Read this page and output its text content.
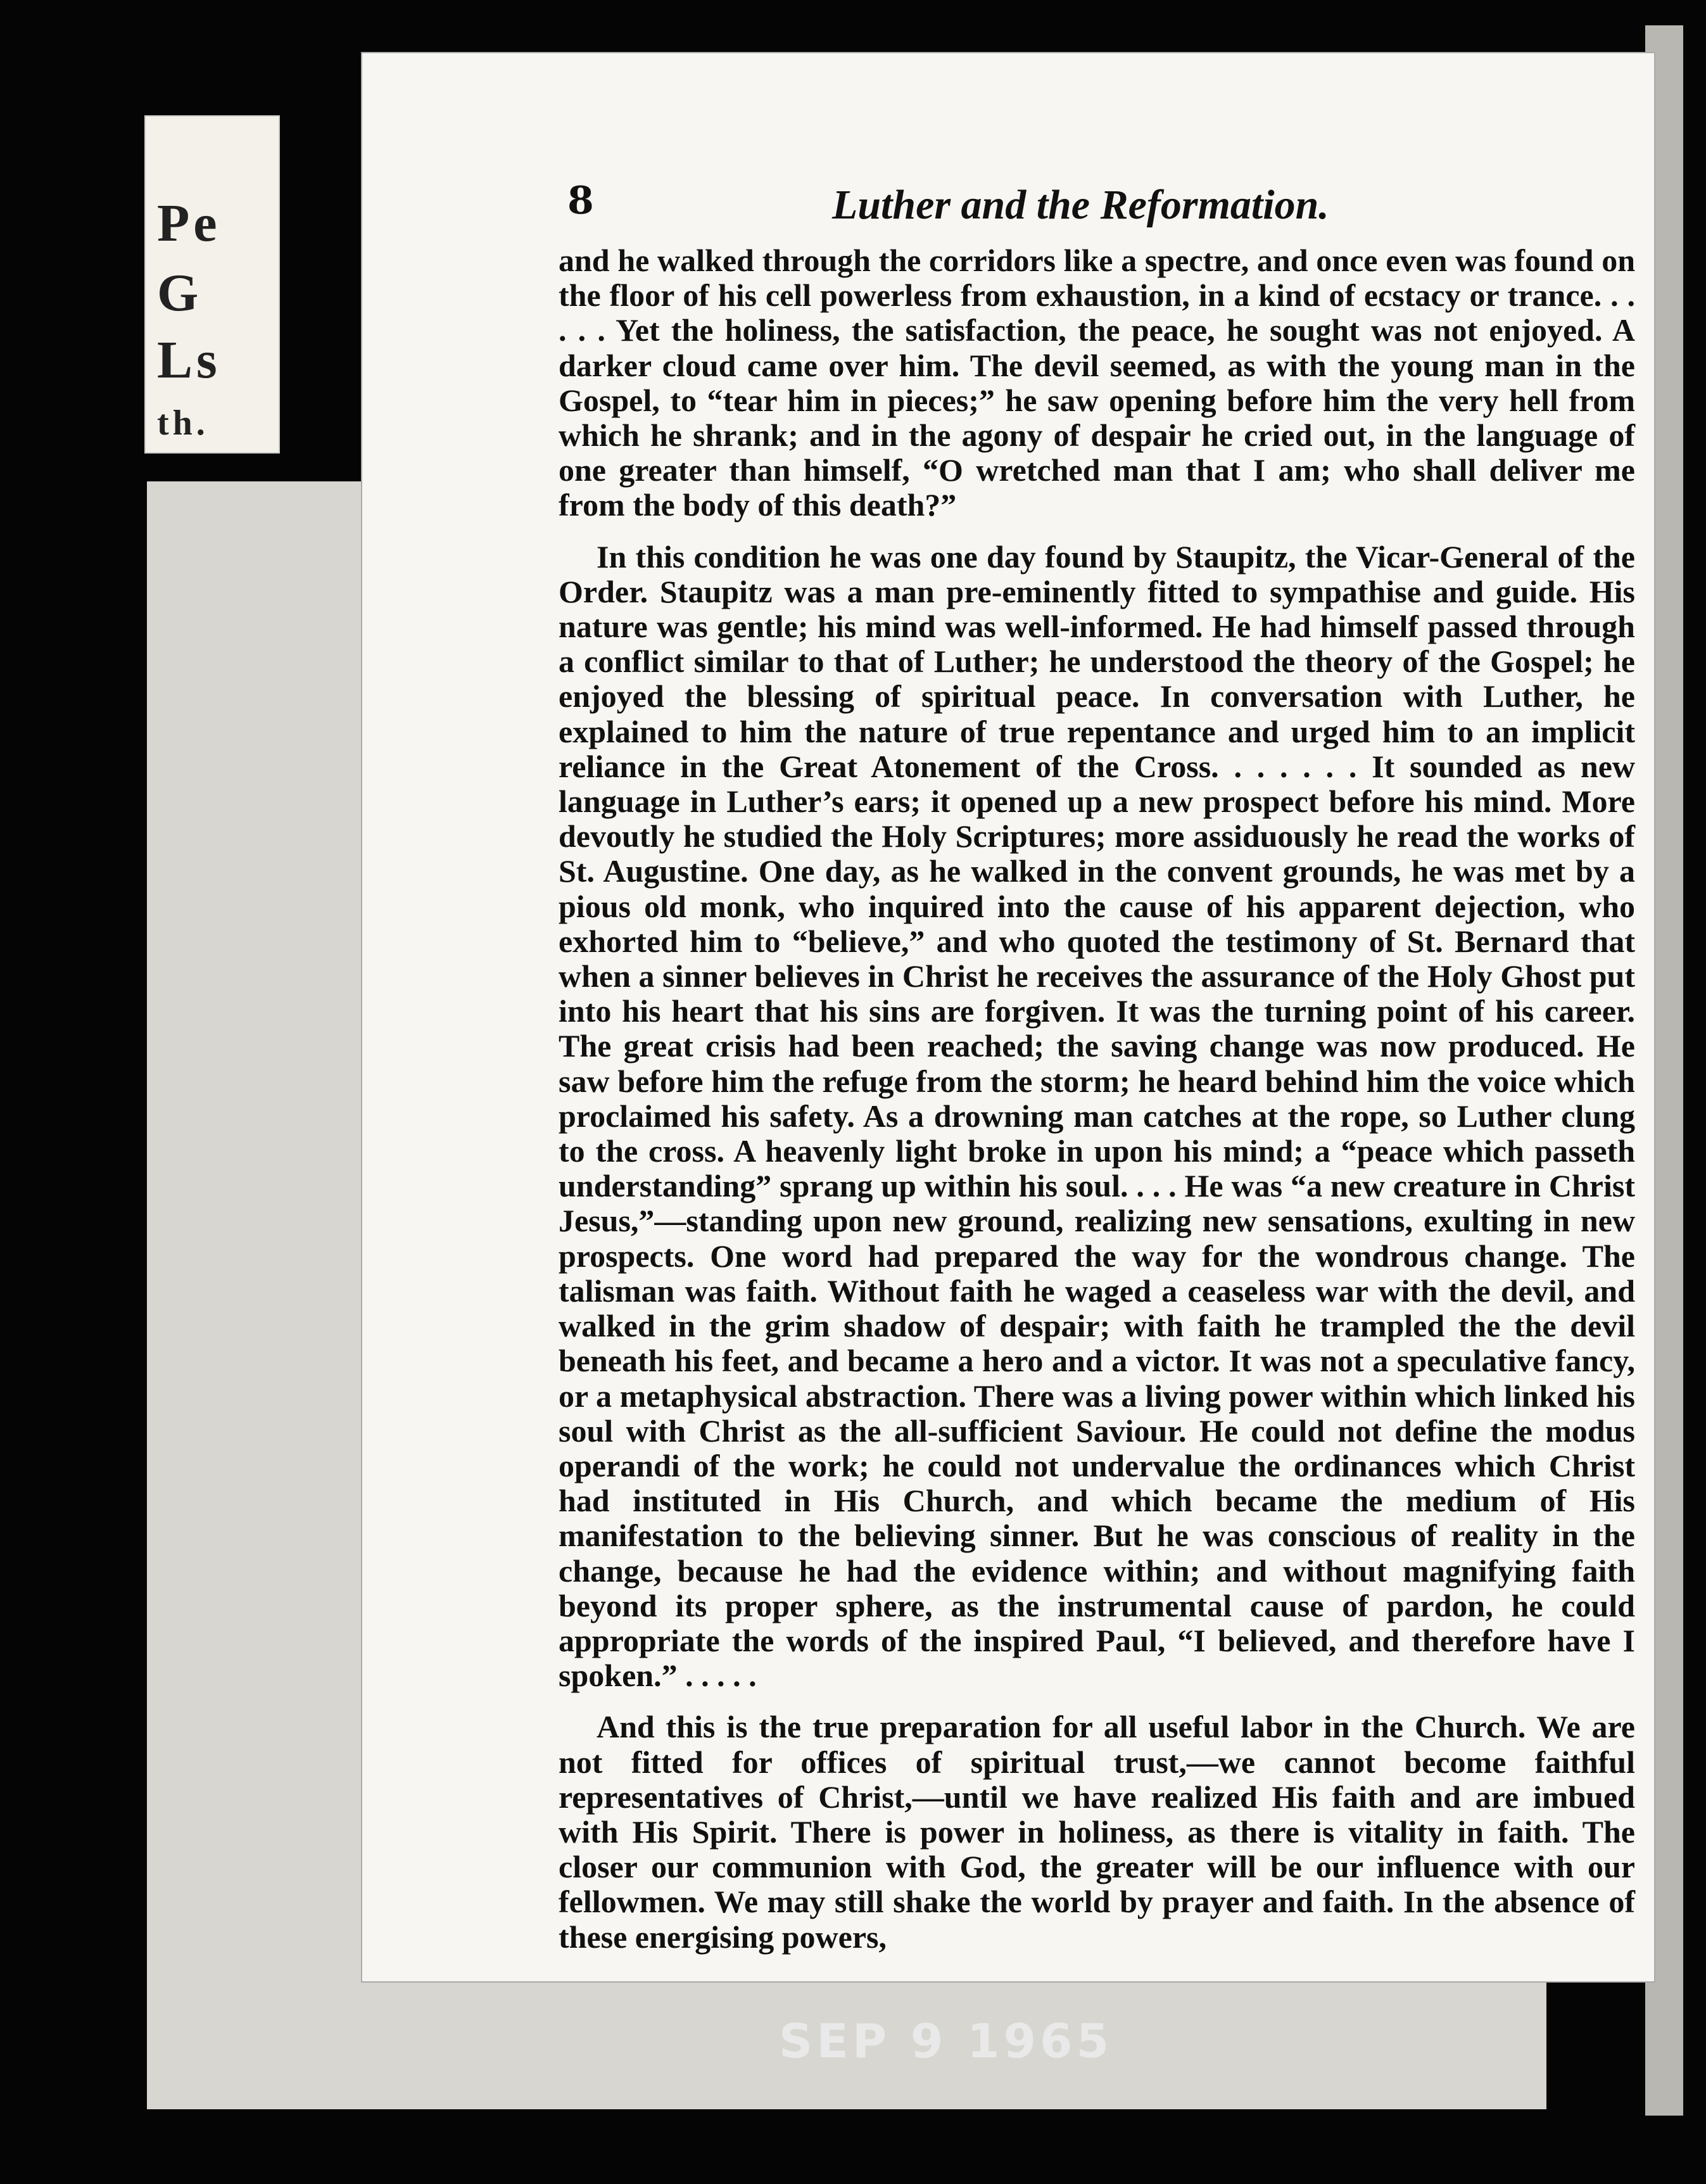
Pe
G
Ls
th.
8	Luther and the Reformation.

and he walked through the corridors like a spectre, and once even was found on the floor of his cell powerless from exhaustion, in a kind of ecstacy or trance. . . . . . Yet the holiness, the satisfaction, the peace, he sought was not enjoyed. A darker cloud came over him. The devil seemed, as with the young man in the Gospel, to “tear him in pieces;” he saw opening before him the very hell from which he shrank; and in the agony of despair he cried out, in the language of one greater than himself, “O wretched man that I am; who shall deliver me from the body of this death?”

In this condition he was one day found by Staupitz, the Vicar-General of the Order. Staupitz was a man pre-eminently fitted to sympathise and guide. His nature was gentle; his mind was well-informed. He had himself passed through a conflict similar to that of Luther; he understood the theory of the Gospel; he enjoyed the blessing of spiritual peace. In conversation with Luther, he explained to him the nature of true repentance and urged him to an implicit reliance in the Great Atonement of the Cross. . . . . . . It sounded as new language in Luther’s ears; it opened up a new prospect before his mind. More devoutly he studied the Holy Scriptures; more assiduously he read the works of St. Augustine. One day, as he walked in the convent grounds, he was met by a pious old monk, who inquired into the cause of his apparent dejection, who exhorted him to “believe,” and who quoted the testimony of St. Bernard that when a sinner believes in Christ he receives the assurance of the Holy Ghost put into his heart that his sins are forgiven. It was the turning point of his career. The great crisis had been reached; the saving change was now produced. He saw before him the refuge from the storm; he heard behind him the voice which proclaimed his safety. As a drowning man catches at the rope, so Luther clung to the cross. A heavenly light broke in upon his mind; a “peace which passeth understanding” sprang up within his soul. . . . He was “a new creature in Christ Jesus,”—standing upon new ground, realizing new sensations, exulting in new prospects. One word had prepared the way for the wondrous change. The talisman was faith. Without faith he waged a ceaseless war with the devil, and walked in the grim shadow of despair; with faith he trampled the the devil beneath his feet, and became a hero and a victor. It was not a speculative fancy, or a metaphysical abstraction. There was a living power within which linked his soul with Christ as the all-sufficient Saviour. He could not define the modus operandi of the work; he could not undervalue the ordinances which Christ had instituted in His Church, and which became the medium of His manifestation to the believing sinner. But he was conscious of reality in the change, because he had the evidence within; and without magnifying faith beyond its proper sphere, as the instrumental cause of pardon, he could appropriate the words of the inspired Paul, “I believed, and therefore have I spoken.” . . . . .

And this is the true preparation for all useful labor in the Church. We are not fitted for offices of spiritual trust,—we cannot become faithful representatives of Christ,—until we have realized His faith and are imbued with His Spirit. There is power in holiness, as there is vitality in faith. The closer our communion with God, the greater will be our influence with our fellowmen. We may still shake the world by prayer and faith. In the absence of these energising powers,

SEP 9 1965
